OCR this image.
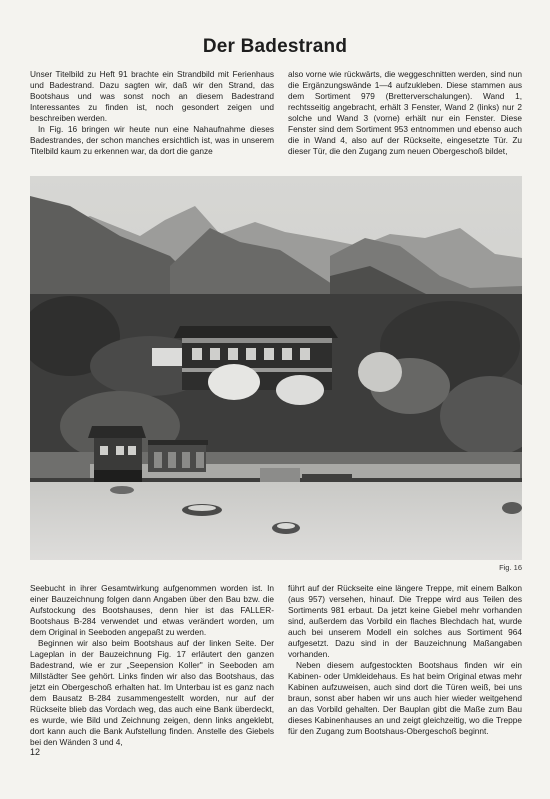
Der Badestrand

Unser Titelbild zu Heft 91 brachte ein Strandbild mit Ferienhaus und Badestrand. Dazu sagten wir, daß wir den Strand, das Bootshaus und was sonst noch an diesem Badestrand Interessantes zu finden ist, noch gesondert zeigen und beschreiben werden.

In Fig. 16 bringen wir heute nun eine Nahaufnahme dieses Badestrandes, der schon manches ersichtlich ist, was in unserem Titelbild kaum zu erkennen war, da dort die ganze

also vorne wie rückwärts, die weggeschnitten werden, sind nun die Ergänzungswände 1—4 aufzukleben. Diese stammen aus dem Sortiment 979 (Bretterverschalungen). Wand 1, rechtsseitig angebracht, erhält 3 Fenster, Wand 2 (links) nur 2 solche und Wand 3 (vorne) erhält nur ein Fenster. Diese Fenster sind dem Sortiment 953 entnommen und ebenso auch die in Wand 4, also auf der Rückseite, eingesetzte Tür. Zu dieser Tür, die den Zugang zum neuen Obergeschoß bildet,

Fig. 16

Seebucht in ihrer Gesamtwirkung aufgenommen worden ist. In einer Bauzeichnung folgen dann Angaben über den Bau bzw. die Aufstockung des Bootshauses, denn hier ist das FALLER-Bootshaus B-284 verwendet und etwas verändert worden, um dem Original in Seeboden angepaßt zu werden.

Beginnen wir also beim Bootshaus auf der linken Seite. Der Lageplan in der Bauzeichnung Fig. 17 erläutert den ganzen Badestrand, wie er zur „Seepension Koller" in Seeboden am Millstädter See gehört. Links finden wir also das Bootshaus, das jetzt ein Obergeschoß erhalten hat. Im Unterbau ist es ganz nach dem Bausatz B-284 zusammengestellt worden, nur auf der Rückseite blieb das Vordach weg, das auch eine Bank überdeckt, es wurde, wie Bild und Zeichnung zeigen, denn links angeklebt, dort kann auch die Bank Aufstellung finden. Anstelle des Giebels bei den Wänden 3 und 4,

führt auf der Rückseite eine längere Treppe, mit einem Balkon (aus 957) versehen, hinauf. Die Treppe wird aus Teilen des Sortiments 981 erbaut. Da jetzt keine Giebel mehr vorhanden sind, außerdem das Vorbild ein flaches Blechdach hat, wurde auch bei unserem Modell ein solches aus Sortiment 964 aufgesetzt. Dazu sind in der Bauzeichnung Maßangaben vorhanden.

Neben diesem aufgestockten Bootshaus finden wir ein Kabinen- oder Umkleidehaus. Es hat beim Original etwas mehr Kabinen aufzuweisen, auch sind dort die Türen weiß, bei uns braun, sonst aber haben wir uns auch hier wieder weitgehend an das Vorbild gehalten. Der Bauplan gibt die Maße zum Bau dieses Kabinenhauses an und zeigt gleichzeitig, wo die Treppe für den Zugang zum Bootshaus-Obergeschoß beginnt.

12
